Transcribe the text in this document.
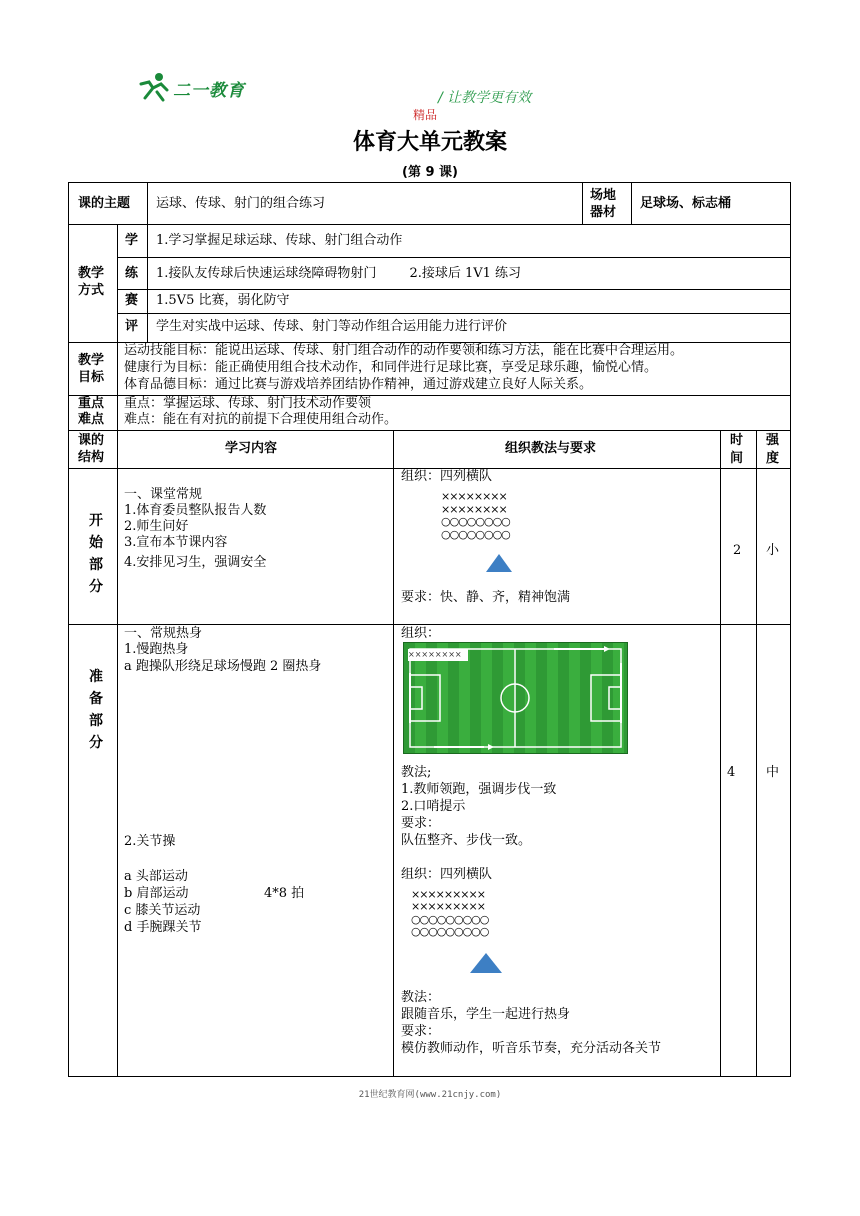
二一教育	/ 让教学更有效
精品
体育大单元教案
(第 9 课)
课的主题 运球、传球、射门的组合练习
场地器材
足球场、标志桶
教学方式
学 1.学习掌握足球运球、传球、射门组合动作
练 1.接队友传球后快速运球绕障碍物射门        2.接球后 1V1 练习
赛 1.5V5 比赛，弱化防守
评 学生对实战中运球、传球、射门等动作组合运用能力进行评价
教学目标
运动技能目标：能说出运球、传球、射门组合动作的动作要领和练习方法，能在比赛中合理运用。
健康行为目标：能正确使用组合技术动作，和同伴进行足球比赛，享受足球乐趣，愉悦心情。
体育品德目标：通过比赛与游戏培养团结协作精神，通过游戏建立良好人际关系。
重点难点
重点：掌握运球、传球、射门技术动作要领
难点：能在有对抗的前提下合理使用组合动作。
课的结构
学习内容	组织教法与要求
时间
强度
开
始
部
分
一、课堂常规
1.体育委员整队报告人数
2.师生问好
3.宣布本节课内容
4.安排见习生，强调安全
组织：四列横队
××××××××
××××××××
○○○○○○○○
○○○○○○○○
要求：快、静、齐，精神饱满
2 小
准
备
部
分
一、常规热身
1.慢跑热身
a 跑操队形绕足球场慢跑 2 圈热身
2.关节操
a 头部运动
b 肩部运动
c 膝关节运动
d 手腕踝关节
4*8 拍
组织：
××××××××
教法;
1.教师领跑，强调步伐一致
2.口哨提示
要求：
队伍整齐、步伐一致。
组织：四列横队
×××××××××
×××××××××
○○○○○○○○○
○○○○○○○○○
教法：
跟随音乐，学生一起进行热身
要求：
模仿教师动作，听音乐节奏，充分活动各关节
4 中
21世纪教育网(www.21cnjy.com)
